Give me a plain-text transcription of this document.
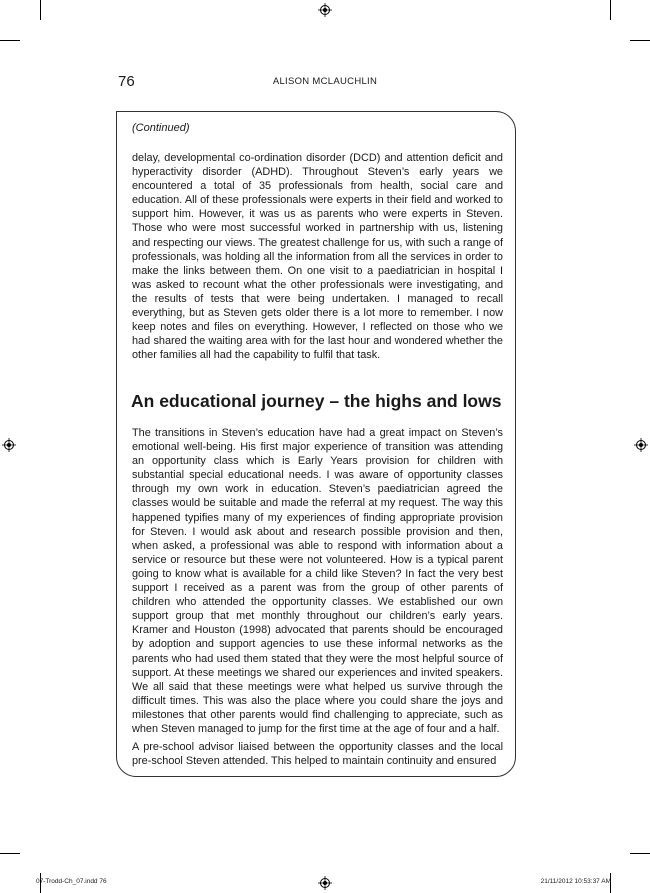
76	ALISON MCLAUCHLIN
(Continued)

delay, developmental co-ordination disorder (DCD) and attention deficit and hyperactivity disorder (ADHD). Throughout Steven’s early years we encountered a total of 35 professionals from health, social care and education. All of these professionals were experts in their field and worked to support him. However, it was us as parents who were experts in Steven. Those who were most successful worked in partnership with us, listening and respecting our views. The greatest challenge for us, with such a range of professionals, was holding all the information from all the services in order to make the links between them. On one visit to a paediatrician in hospital I was asked to recount what the other professionals were investigating, and the results of tests that were being undertaken. I managed to recall everything, but as Steven gets older there is a lot more to remember. I now keep notes and files on everything. However, I reflected on those who we had shared the waiting area with for the last hour and wondered whether the other families all had the capability to fulfil that task.

An educational journey – the highs and lows

The transitions in Steven’s education have had a great impact on Steven’s emotional well-being. His first major experience of transition was attending an opportunity class which is Early Years provision for children with substantial special educational needs. I was aware of opportunity classes through my own work in education. Steven’s paediatrician agreed the classes would be suitable and made the referral at my request. The way this happened typifies many of my experiences of finding appropriate provision for Steven. I would ask about and research possible provision and then, when asked, a professional was able to respond with information about a service or resource but these were not volunteered. How is a typical parent going to know what is available for a child like Steven? In fact the very best support I received as a parent was from the group of other parents of children who attended the opportunity classes. We established our own support group that met monthly throughout our children’s early years. Kramer and Houston (1998) advocated that parents should be encouraged by adoption and support agencies to use these informal networks as the parents who had used them stated that they were the most helpful source of support. At these meetings we shared our experiences and invited speakers. We all said that these meetings were what helped us survive through the difficult times. This was also the place where you could share the joys and milestones that other parents would find challenging to appreciate, such as when Steven managed to jump for the first time at the age of four and a half.

A pre-school advisor liaised between the opportunity classes and the local pre-school Steven attended. This helped to maintain continuity and ensured

07-Trodd-Ch_07.indd 76	21/11/2012 10:53:37 AM
